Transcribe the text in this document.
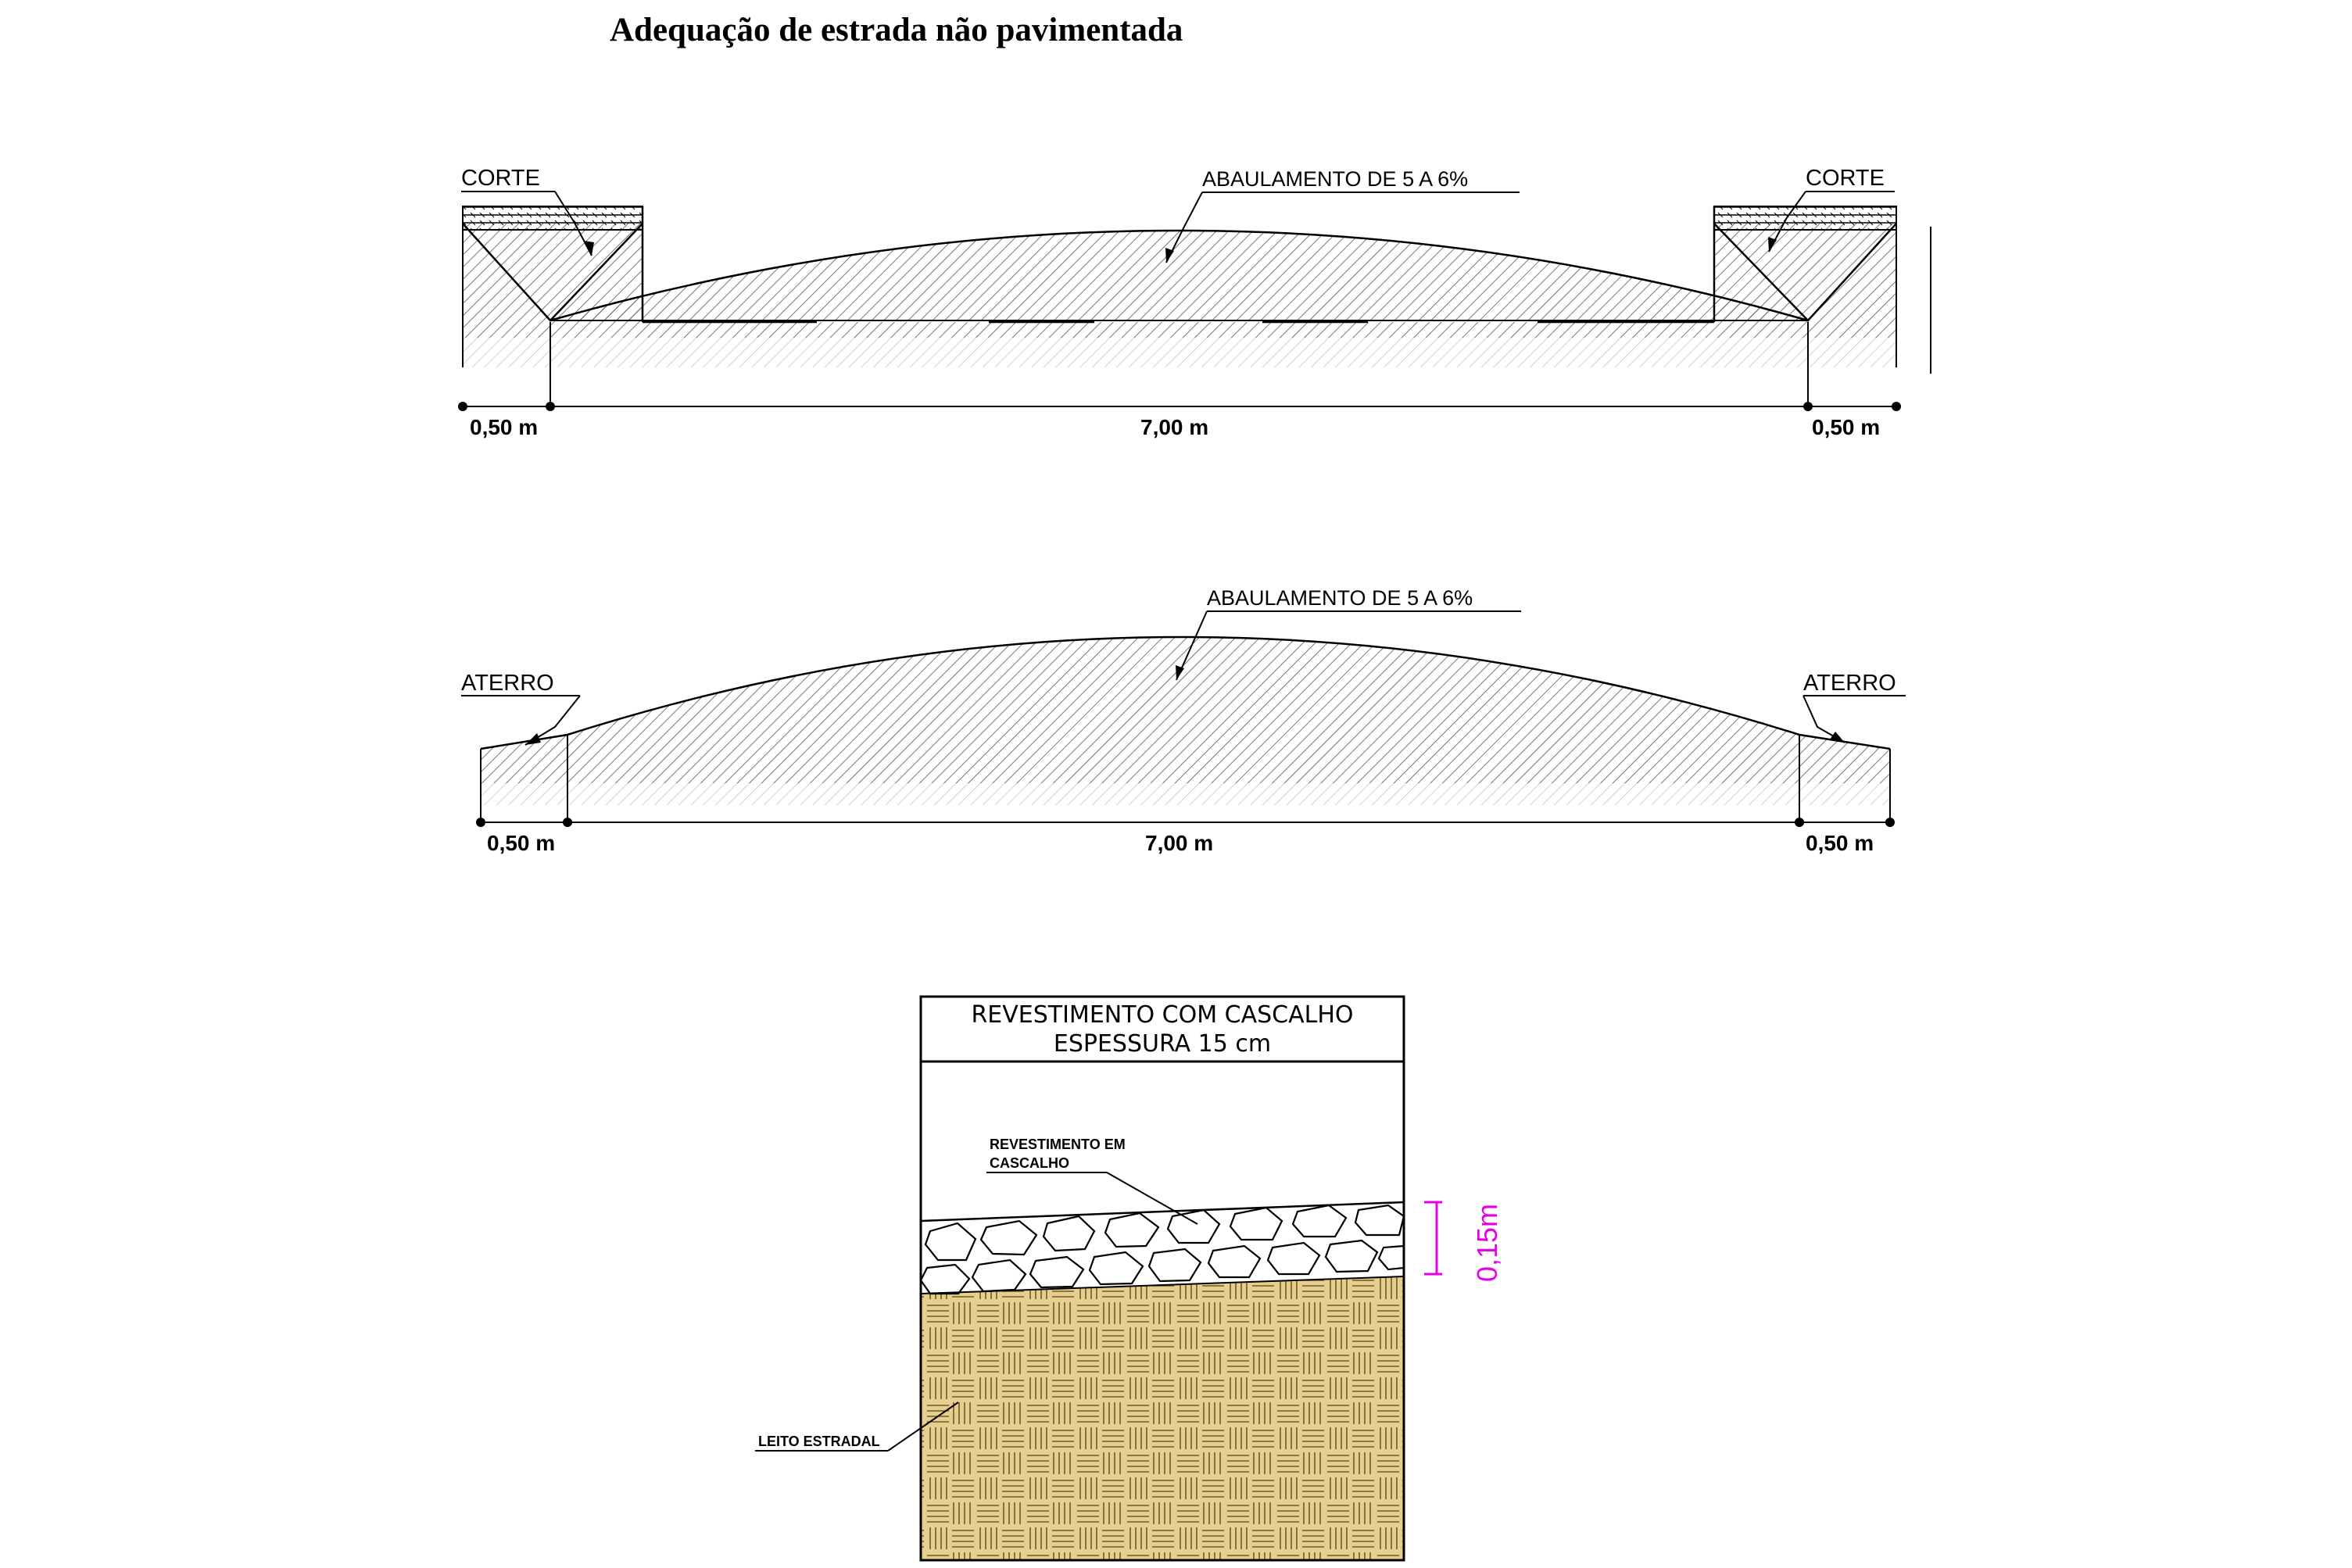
Adequação de estrada não pavimentada
CORTE	CORTE
ABAULAMENTO DE 5 A 6%
0,50 m	7,00 m	0,50 m
ATERRO	ATERRO
ABAULAMENTO DE 5 A 6%
0,50 m	7,00 m	0,50 m
REVESTIMENTO COM CASCALHO
ESPESSURA 15 cm
REVESTIMENTO EM
CASCALHO
LEITO ESTRADAL
0,15m
